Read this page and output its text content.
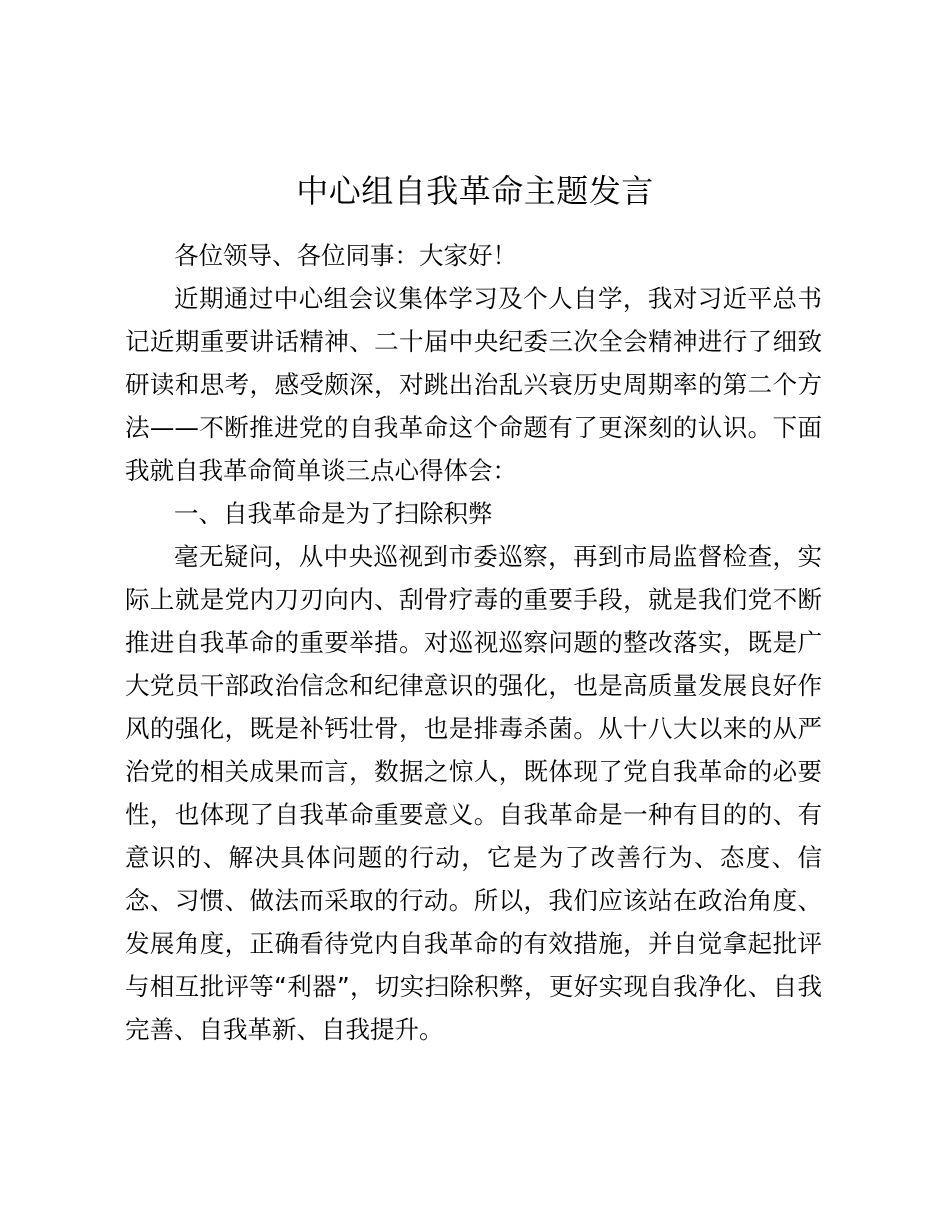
中心组自我革命主题发言

各位领导、各位同事：大家好！

近期通过中心组会议集体学习及个人自学，我对习近平总书记近期重要讲话精神、二十届中央纪委三次全会精神进行了细致研读和思考，感受颇深，对跳出治乱兴衰历史周期率的第二个方法——不断推进党的自我革命这个命题有了更深刻的认识。下面我就自我革命简单谈三点心得体会：

一、自我革命是为了扫除积弊

毫无疑问，从中央巡视到市委巡察，再到市局监督检查，实际上就是党内刀刃向内、刮骨疗毒的重要手段，就是我们党不断推进自我革命的重要举措。对巡视巡察问题的整改落实，既是广大党员干部政治信念和纪律意识的强化，也是高质量发展良好作风的强化，既是补钙壮骨，也是排毒杀菌。从十八大以来的从严治党的相关成果而言，数据之惊人，既体现了党自我革命的必要性，也体现了自我革命重要意义。自我革命是一种有目的的、有意识的、解决具体问题的行动，它是为了改善行为、态度、信念、习惯、做法而采取的行动。所以，我们应该站在政治角度、发展角度，正确看待党内自我革命的有效措施，并自觉拿起批评与相互批评等“利器”，切实扫除积弊，更好实现自我净化、自我完善、自我革新、自我提升。
